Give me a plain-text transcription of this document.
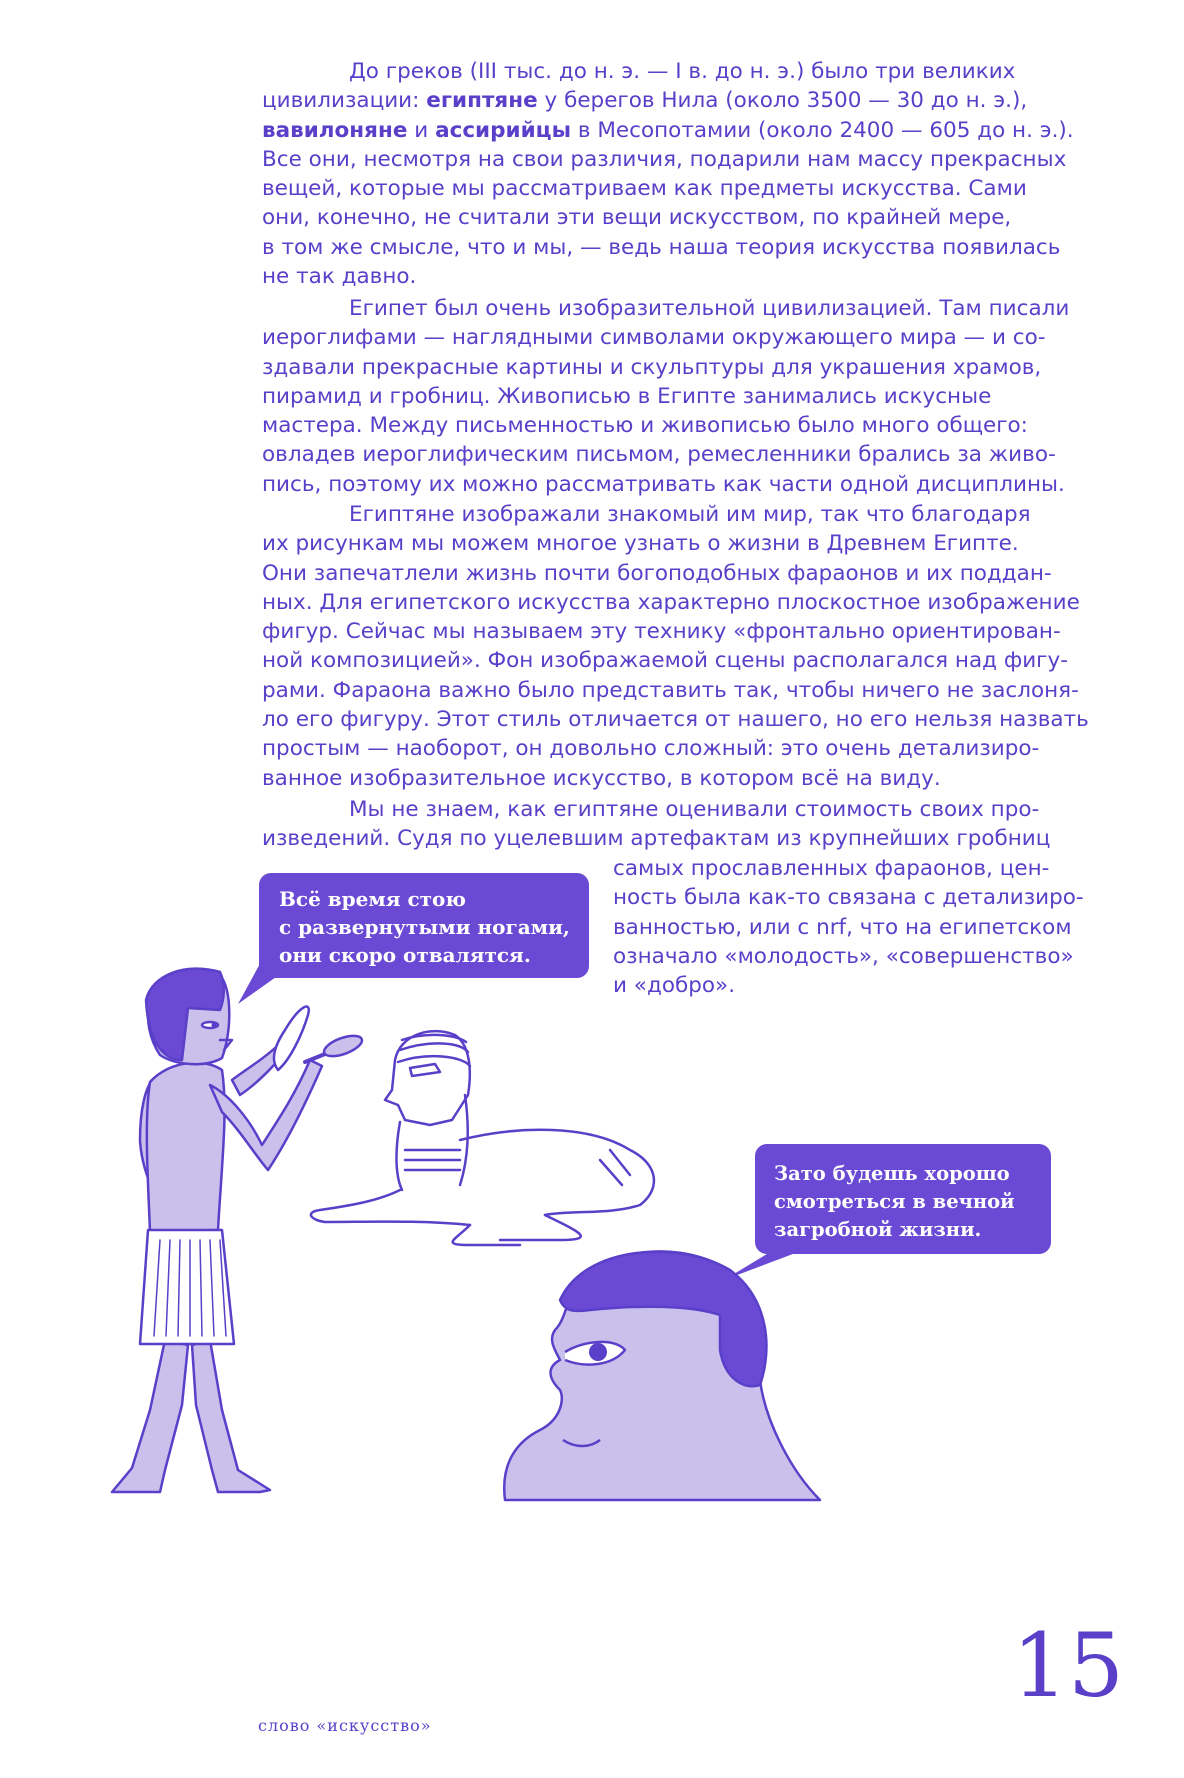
До греков (III тыс. до н. э. — I в. до н. э.) было три великих
цивилизации: египтяне у берегов Нила (около 3500 — 30 до н. э.),
вавилоняне и ассирийцы в Месопотамии (около 2400 — 605 до н. э.).
Все они, несмотря на свои различия, подарили нам массу прекрасных
вещей, которые мы рассматриваем как предметы искусства. Сами
они, конечно, не считали эти вещи искусством, по крайней мере,
в том же смысле, что и мы, — ведь наша теория искусства появилась
не так давно.
Египет был очень изобразительной цивилизацией. Там писали
иероглифами — наглядными символами окружающего мира — и со-
здавали прекрасные картины и скульптуры для украшения храмов,
пирамид и гробниц. Живописью в Египте занимались искусные
мастера. Между письменностью и живописью было много общего:
овладев иероглифическим письмом, ремесленники брались за живо-
пись, поэтому их можно рассматривать как части одной дисциплины.
Египтяне изображали знакомый им мир, так что благодаря
их рисункам мы можем многое узнать о жизни в Древнем Египте.
Они запечатлели жизнь почти богоподобных фараонов и их поддан-
ных. Для египетского искусства характерно плоскостное изображение
фигур. Сейчас мы называем эту технику «фронтально ориентирован-
ной композицией». Фон изображаемой сцены располагался над фигу-
рами. Фараона важно было представить так, чтобы ничего не заслоня-
ло его фигуру. Этот стиль отличается от нашего, но его нельзя назвать
простым — наоборот, он довольно сложный: это очень детализиро-
ванное изобразительное искусство, в котором всё на виду.
Мы не знаем, как египтяне оценивали стоимость своих про-
изведений. Судя по уцелевшим артефактам из крупнейших гробниц
самых прославленных фараонов, цен-
ность была как-то связана с детализиро-
ванностью, или с nrf, что на египетском
означало «молодость», «совершенство»
и «добро».
Всё время стою
с развернутыми ногами,
они скоро отвалятся.
Зато будешь хорошо
смотреться в вечной
загробной жизни.
слово «искусство»
15
